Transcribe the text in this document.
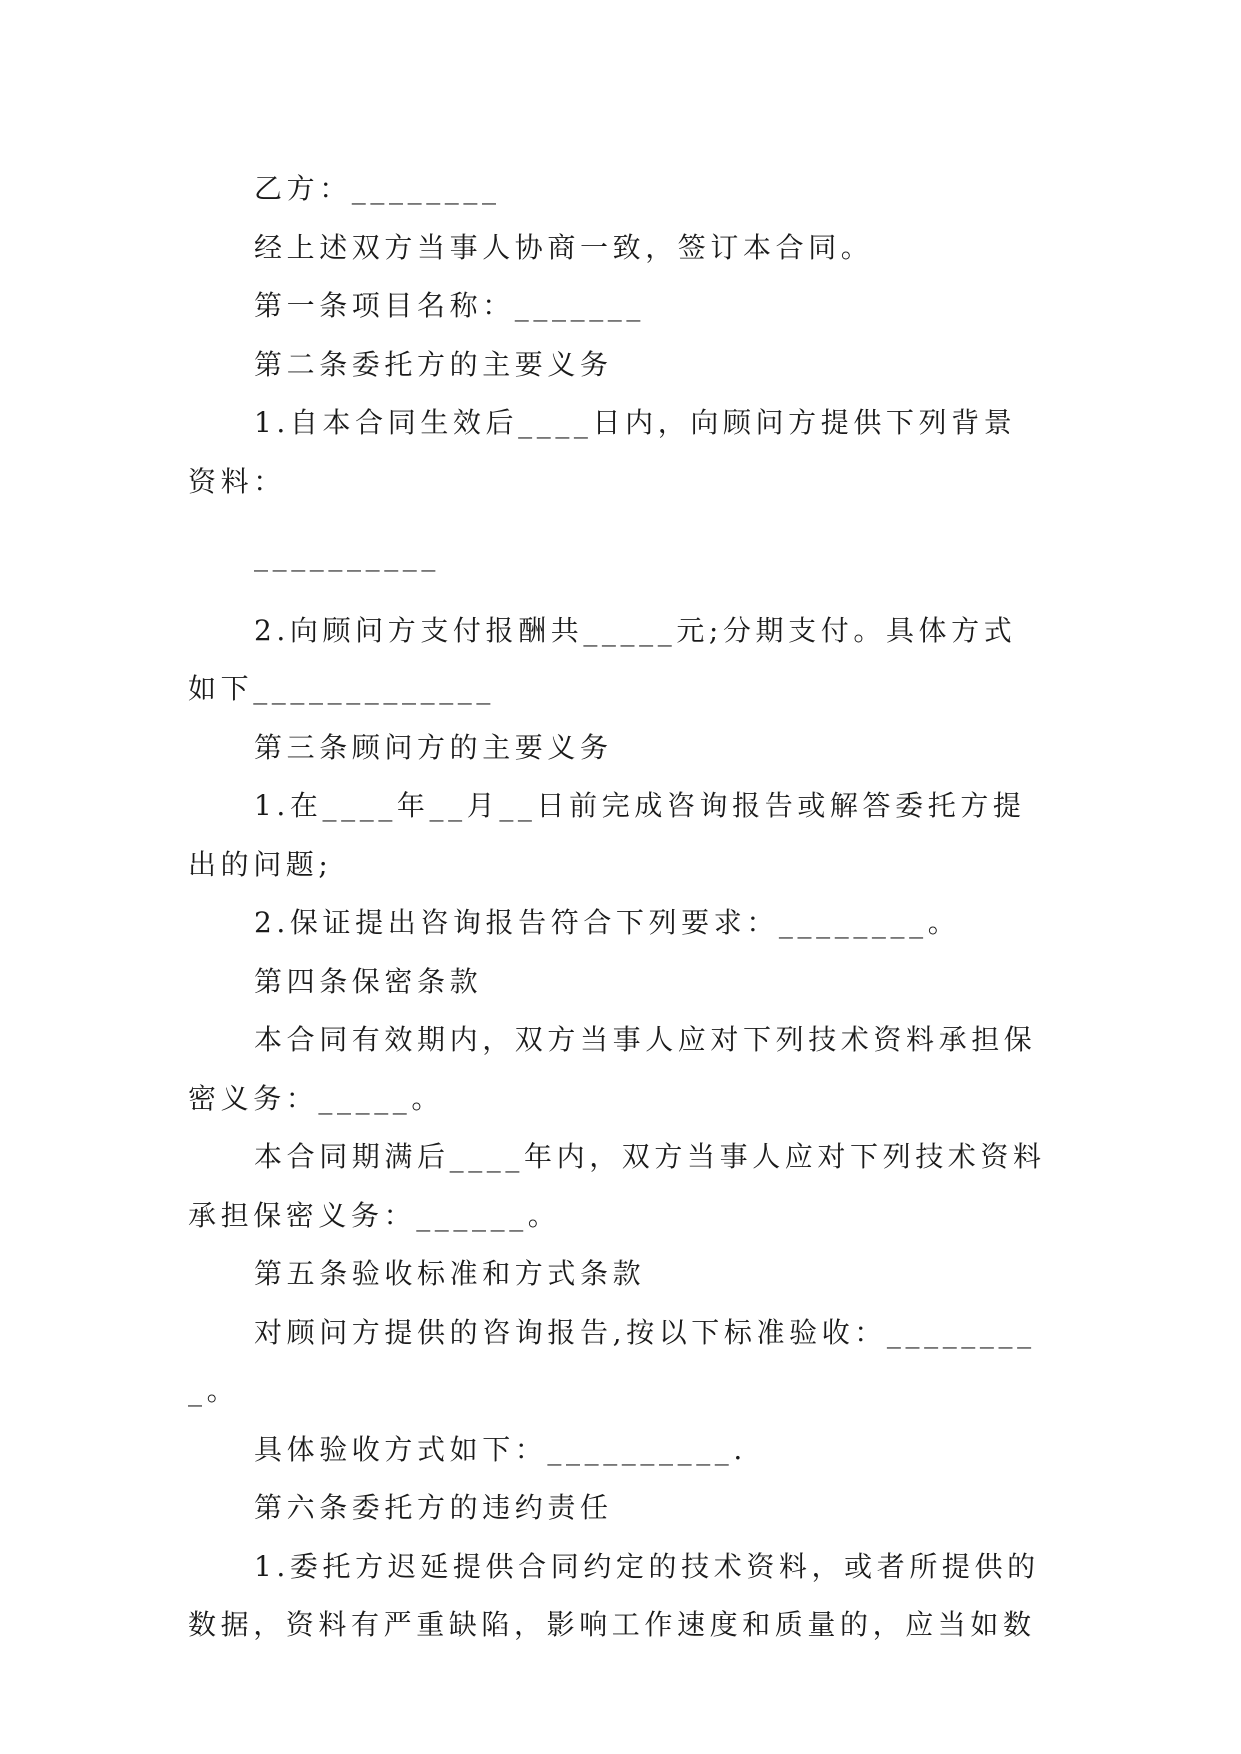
乙方：________

经上述双方当事人协商一致，签订本合同。

第一条项目名称：_______

第二条委托方的主要义务

1.自本合同生效后____日内，向顾问方提供下列背景资料：

__________

2.向顾问方支付报酬共_____元;分期支付。具体方式如下_____________

第三条顾问方的主要义务

1.在____年__月__日前完成咨询报告或解答委托方提出的问题;

2.保证提出咨询报告符合下列要求：________。

第四条保密条款

本合同有效期内，双方当事人应对下列技术资料承担保密义务：_____。

本合同期满后____年内，双方当事人应对下列技术资料承担保密义务：______。

第五条验收标准和方式条款

对顾问方提供的咨询报告,按以下标准验收：_________。

具体验收方式如下：__________.

第六条委托方的违约责任

1.委托方迟延提供合同约定的技术资料，或者所提供的数据，资料有严重缺陷，影响工作速度和质量的，应当如数
